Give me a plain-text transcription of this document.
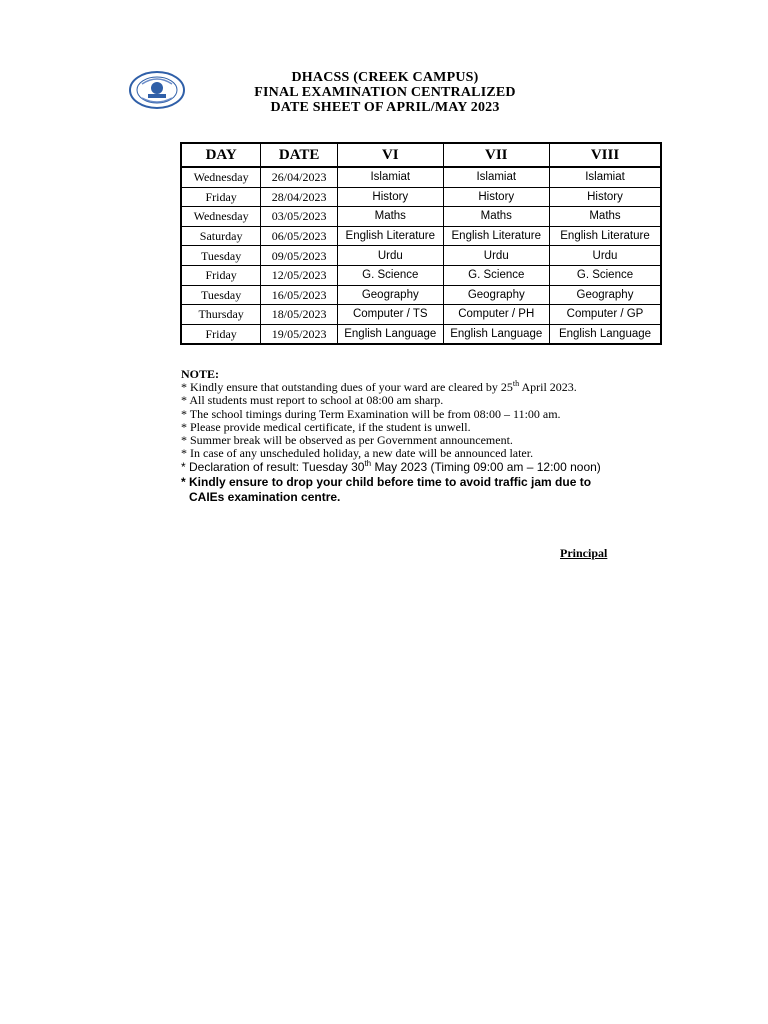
DHACSS (CREEK CAMPUS)
FINAL EXAMINATION CENTRALIZED
DATE SHEET OF APRIL/MAY 2023
DAY	DATE	VI	VII	VIII
Wednesday	26/04/2023	Islamiat	Islamiat	Islamiat
Friday	28/04/2023	History	History	History
Wednesday	03/05/2023	Maths	Maths	Maths
Saturday	06/05/2023	English Literature	English Literature	English Literature
Tuesday	09/05/2023	Urdu	Urdu	Urdu
Friday	12/05/2023	G. Science	G. Science	G. Science
Tuesday	16/05/2023	Geography	Geography	Geography
Thursday	18/05/2023	Computer / TS	Computer / PH	Computer / GP
Friday	19/05/2023	English Language	English Language	English Language
NOTE:
* Kindly ensure that outstanding dues of your ward are cleared by 25th April 2023.
* All students must report to school at 08:00 am sharp.
* The school timings during Term Examination will be from 08:00 – 11:00 am.
* Please provide medical certificate, if the student is unwell.
* Summer break will be observed as per Government announcement.
* In case of any unscheduled holiday, a new date will be announced later.
* Declaration of result: Tuesday 30th May 2023 (Timing 09:00 am – 12:00 noon)
* Kindly ensure to drop your child before time to avoid traffic jam due to
CAIEs examination centre.
Principal
